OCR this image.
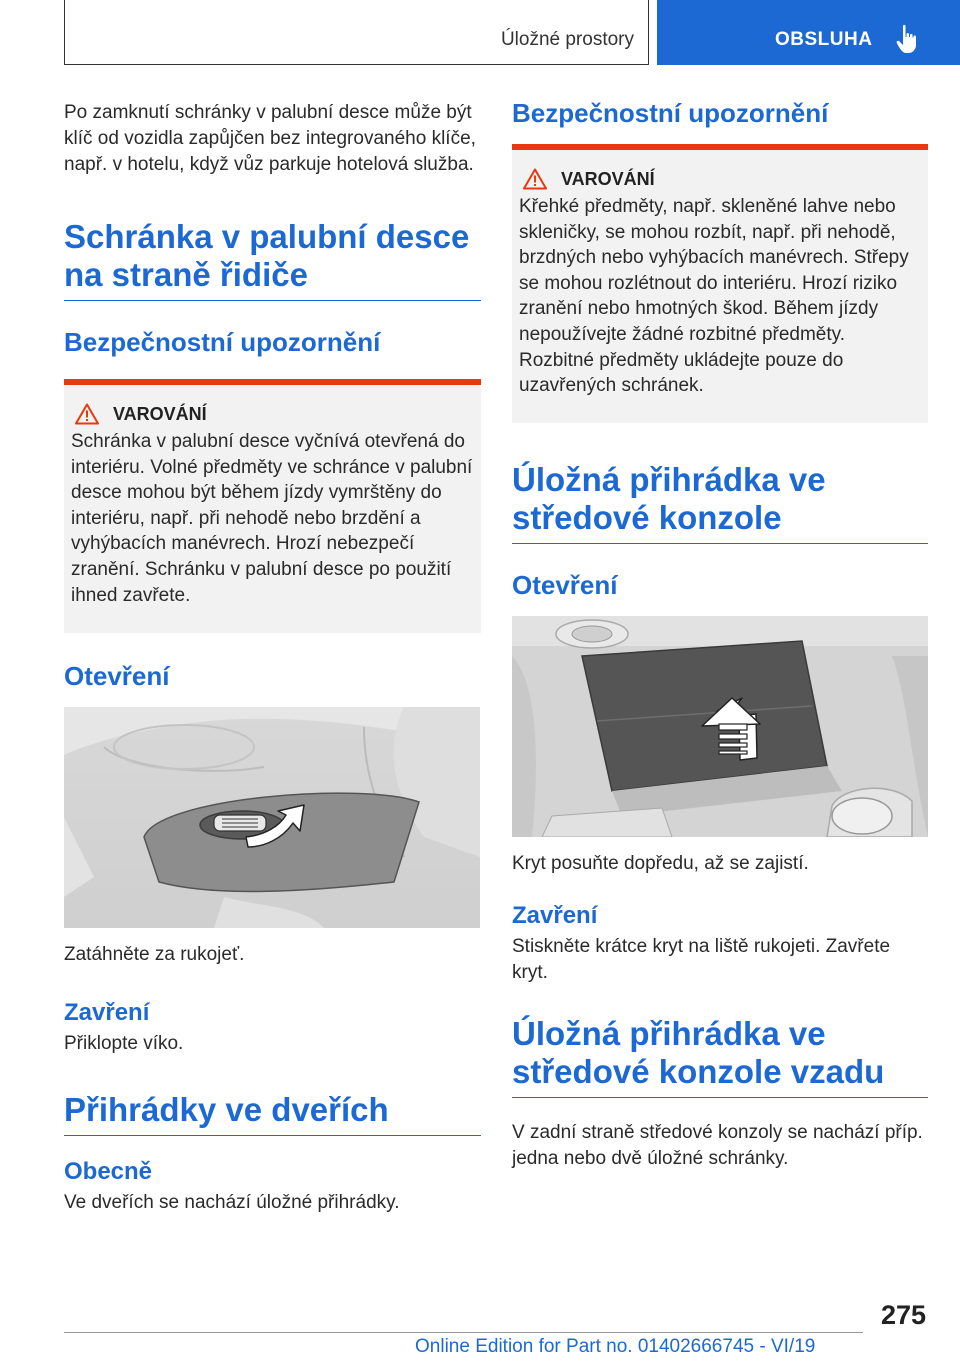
Úložné prostory	OBSLUHA

Po zamknutí schránky v palubní desce může být klíč od vozidla zapůjčen bez integrovaného klíče, např. v hotelu, když vůz parkuje hotelová služba.

Schránka v palubní desce na straně řidiče
Bezpečnostní upozornění
VAROVÁNÍ

Schránka v palubní desce vyčnívá otevřená do interiéru. Volné předměty ve schránce v palubní desce mohou být během jízdy vymrštěny do interiéru, např. při nehodě nebo brzdění a vyhýbacích manévrech. Hrozí nebezpečí zranění. Schránku v palubní desce po použití ihned zavřete.

Otevření

Zatáhněte za rukojeť.

Zavření

Přiklopte víko.

Přihrádky ve dveřích
Obecně

Ve dveřích se nachází úložné přihrádky.

Bezpečnostní upozornění
VAROVÁNÍ

Křehké předměty, např. skleněné lahve nebo skleničky, se mohou rozbít, např. při nehodě, brzdných nebo vyhýbacích manévrech. Střepy se mohou rozlétnout do interiéru. Hrozí riziko zranění nebo hmotných škod. Během jízdy nepoužívejte žádné rozbitné předměty. Rozbitné předměty ukládejte pouze do uzavřených schránek.

Úložná přihrádka ve středové konzole
Otevření

Kryt posuňte dopředu, až se zajistí.

Zavření

Stiskněte krátce kryt na liště rukojeti. Zavřete kryt.

Úložná přihrádka ve středové konzole vzadu

V zadní straně středové konzoly se nachází příp. jedna nebo dvě úložné schránky.

275
Online Edition for Part no. 01402666745 - VI/19
